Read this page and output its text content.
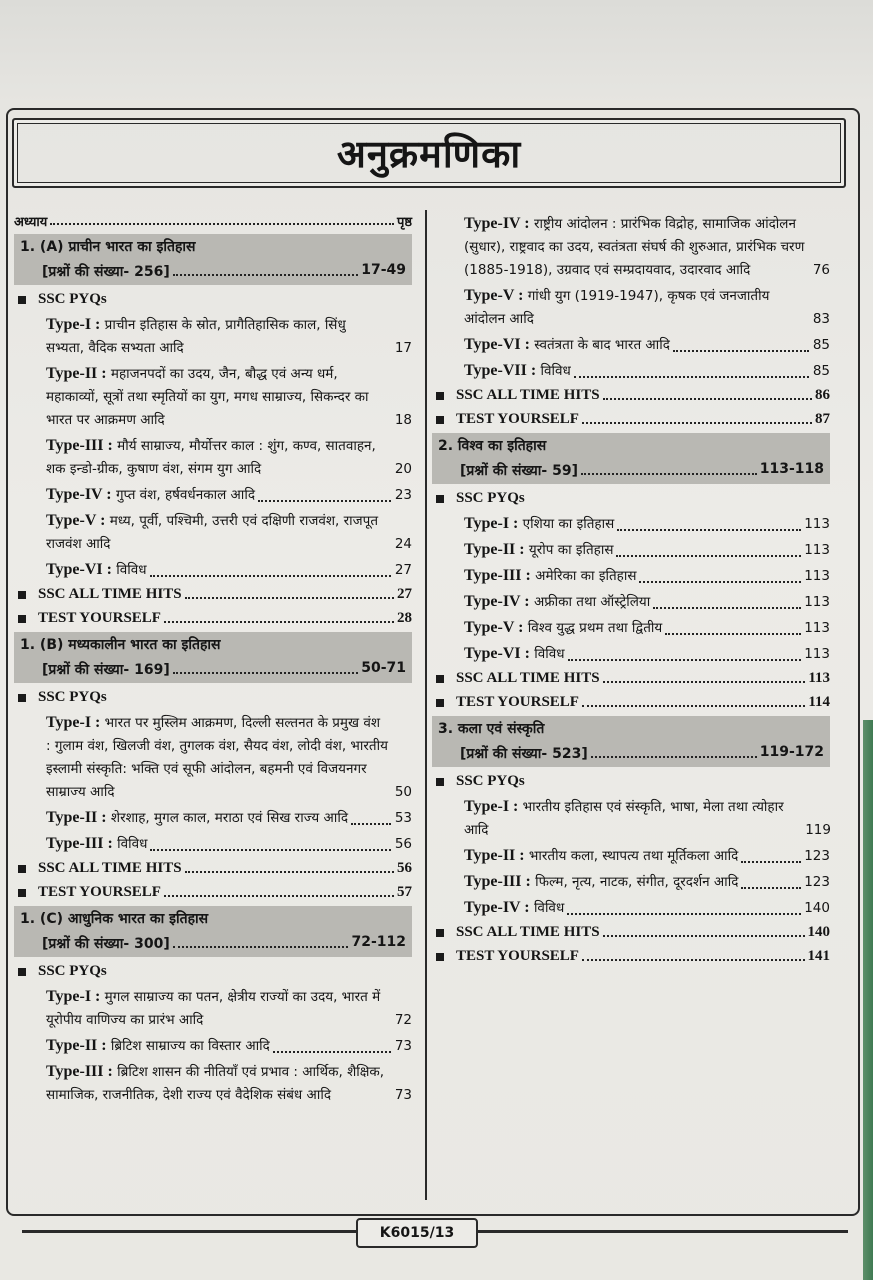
अनुक्रमणिका
अध्याय	पृष्ठ
1. (A) प्राचीन भारत का इतिहास
[प्रश्नों की संख्या- 256]	17-49
SSC PYQs
Type-I : प्राचीन इतिहास के स्रोत, प्रागैतिहासिक काल, सिंधु सभ्यता, वैदिक सभ्यता आदि	17
Type-II : महाजनपदों का उदय, जैन, बौद्ध एवं अन्य धर्म, महाकाव्यों, सूत्रों तथा स्मृतियों का युग, मगध साम्राज्य, सिकन्दर का भारत पर आक्रमण आदि	18
Type-III : मौर्य साम्राज्य, मौर्योत्तर काल : शुंग, कण्व, सातवाहन, शक इन्डो-ग्रीक, कुषाण वंश, संगम युग आदि	20
Type-IV : गुप्त वंश, हर्षवर्धनकाल आदि	23
Type-V : मध्य, पूर्वी, पश्चिमी, उत्तरी एवं दक्षिणी राजवंश, राजपूत राजवंश आदि	24
Type-VI : विविध	27
SSC ALL TIME HITS	27
TEST YOURSELF	28
1. (B) मध्यकालीन भारत का इतिहास
[प्रश्नों की संख्या- 169]	50-71
SSC PYQs
Type-I : भारत पर मुस्लिम आक्रमण, दिल्ली सल्तनत के प्रमुख वंश : गुलाम वंश, खिलजी वंश, तुगलक वंश, सैयद वंश, लोदी वंश, भारतीय इस्लामी संस्कृति: भक्ति एवं सूफी आंदोलन, बहमनी एवं विजयनगर साम्राज्य आदि	50
Type-II : शेरशाह, मुगल काल, मराठा एवं सिख राज्य आदि	53
Type-III : विविध	56
SSC ALL TIME HITS	56
TEST YOURSELF	57
1. (C) आधुनिक भारत का इतिहास
[प्रश्नों की संख्या- 300]	72-112
SSC PYQs
Type-I : मुगल साम्राज्य का पतन, क्षेत्रीय राज्यों का उदय, भारत में यूरोपीय वाणिज्य का प्रारंभ आदि	72
Type-II : ब्रिटिश साम्राज्य का विस्तार आदि	73
Type-III : ब्रिटिश शासन की नीतियाँ एवं प्रभाव : आर्थिक, शैक्षिक, सामाजिक, राजनीतिक, देशी राज्य एवं वैदेशिक संबंध आदि	73
Type-IV : राष्ट्रीय आंदोलन : प्रारंभिक विद्रोह, सामाजिक आंदोलन (सुधार), राष्ट्रवाद का उदय, स्वतंत्रता संघर्ष की शुरुआत, प्रारंभिक चरण (1885-1918), उग्रवाद एवं सम्प्रदायवाद, उदारवाद आदि	76
Type-V : गांधी युग (1919-1947), कृषक एवं जनजातीय आंदोलन आदि	83
Type-VI : स्वतंत्रता के बाद भारत आदि	85
Type-VII : विविध	85
SSC ALL TIME HITS	86
TEST YOURSELF	87
2. विश्व का इतिहास
[प्रश्नों की संख्या- 59]	113-118
SSC PYQs
Type-I : एशिया का इतिहास	113
Type-II : यूरोप का इतिहास	113
Type-III : अमेरिका का इतिहास	113
Type-IV : अफ्रीका तथा ऑस्ट्रेलिया	113
Type-V : विश्व युद्ध प्रथम तथा द्वितीय	113
Type-VI : विविध	113
SSC ALL TIME HITS	113
TEST YOURSELF	114
3. कला एवं संस्कृति
[प्रश्नों की संख्या- 523]	119-172
SSC PYQs
Type-I : भारतीय इतिहास एवं संस्कृति, भाषा, मेला तथा त्योहार आदि	119
Type-II : भारतीय कला, स्थापत्य तथा मूर्तिकला आदि	123
Type-III : फिल्म, नृत्य, नाटक, संगीत, दूरदर्शन आदि	123
Type-IV : विविध	140
SSC ALL TIME HITS	140
TEST YOURSELF	141
K6015/13
